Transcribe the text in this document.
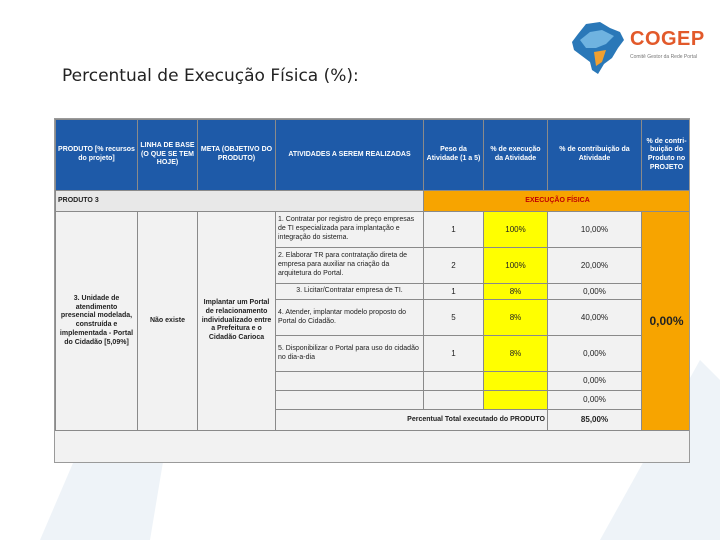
COGEP
Comitê Gestor da Rede Portal
Percentual de Execução Física (%):
PRODUTO [% recursos do projeto]	LINHA DE BASE (O QUE SE TEM HOJE)	META (OBJETIVO DO PRODUTO)	ATIVIDADES A SEREM REALIZADAS	Peso da Atividade (1 a 5)	% de execução da Atividade	% de contribuição da Atividade	% de contri-buição do Produto no PROJETO
PRODUTO 3				EXECUÇÃO FÍSICA			
3. Unidade de atendimento presencial modelada, construída e implementada - Portal do Cidadão [5,09%]	Não existe	Implantar um Portal de relacionamento individualizado entre a Prefeitura e o Cidadão Carioca	1. Contratar por registro de preço empresas de TI especializada para implantação e integração do sistema.	1	100%	10,00%	0,00%
			2. Elaborar TR para contratação direta de empresa para auxiliar na criação da arquitetura do Portal.	2	100%	20,00%	
			3. Licitar/Contratar empresa de TI.	1	8%	0,00%	
			4. Atender, implantar modelo proposto do Portal do Cidadão.	5	8%	40,00%	
			5. Disponibilizar o Portal para uso do cidadão no dia-a-dia	1	8%	0,00%	
						0,00%	
						0,00%	
			Percentual Total executado do PRODUTO			85,00%	
